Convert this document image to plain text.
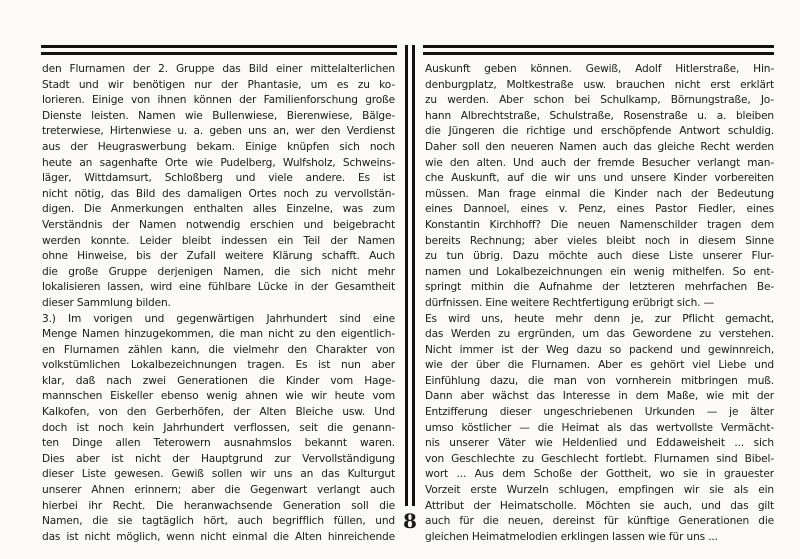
8
den Flurnamen der 2. Gruppe das Bild einer mittelalterlichen
Stadt und wir benötigen nur der Phantasie, um es zu ko-
lorieren. Einige von ihnen können der Familienforschung große
Dienste leisten. Namen wie Bullenwiese, Bierenwiese, Bälge-
treterwiese, Hirtenwiese u. a. geben uns an, wer den Verdienst
aus der Heugraswerbung bekam. Einige knüpfen sich noch
heute an sagenhafte Orte wie Pudelberg, Wulfsholz, Schweins-
läger, Wittdamsurt, Schloßberg und viele andere. Es ist
nicht nötig, das Bild des damaligen Ortes noch zu vervollstän-
digen. Die Anmerkungen enthalten alles Einzelne, was zum
Verständnis der Namen notwendig erschien und beigebracht
werden konnte. Leider bleibt indessen ein Teil der Namen
ohne Hinweise, bis der Zufall weitere Klärung schafft. Auch
die große Gruppe derjenigen Namen, die sich nicht mehr
lokalisieren lassen, wird eine fühlbare Lücke in der Gesamtheit
dieser Sammlung bilden.
3.) Im vorigen und gegenwärtigen Jahrhundert sind eine
Menge Namen hinzugekommen, die man nicht zu den eigentlich-
en Flurnamen zählen kann, die vielmehr den Charakter von
volkstümlichen Lokalbezeichnungen tragen. Es ist nun aber
klar, daß nach zwei Generationen die Kinder vom Hage-
mannschen Eiskeller ebenso wenig ahnen wie wir heute vom
Kalkofen, von den Gerberhöfen, der Alten Bleiche usw. Und
doch ist noch kein Jahrhundert verflossen, seit die genann-
ten Dinge allen Teterowern ausnahmslos bekannt waren.
Dies aber ist nicht der Hauptgrund zur Vervollständigung
dieser Liste gewesen. Gewiß sollen wir uns an das Kulturgut
unserer Ahnen erinnern; aber die Gegenwart verlangt auch
hierbei ihr Recht. Die heranwachsende Generation soll die
Namen, die sie tagtäglich hört, auch begrifflich füllen, und
das ist nicht möglich, wenn nicht einmal die Alten hinreichende
Auskunft geben können. Gewiß, Adolf Hitlerstraße, Hin-
denburgplatz, Moltkestraße usw. brauchen nicht erst erklärt
zu werden. Aber schon bei Schulkamp, Börnungstraße, Jo-
hann Albrechtstraße, Schulstraße, Rosenstraße u. a. bleiben
die Jüngeren die richtige und erschöpfende Antwort schuldig.
Daher soll den neueren Namen auch das gleiche Recht werden
wie den alten. Und auch der fremde Besucher verlangt man-
che Auskunft, auf die wir uns und unsere Kinder vorbereiten
müssen. Man frage einmal die Kinder nach der Bedeutung
eines Dannoel, eines v. Penz, eines Pastor Fiedler, eines
Konstantin Kirchhoff? Die neuen Namenschilder tragen dem
bereits Rechnung; aber vieles bleibt noch in diesem Sinne
zu tun übrig. Dazu möchte auch diese Liste unserer Flur-
namen und Lokalbezeichnungen ein wenig mithelfen. So ent-
springt mithin die Aufnahme der letzteren mehrfachen Be-
dürfnissen. Eine weitere Rechtfertigung erübrigt sich. —
Es wird uns, heute mehr denn je, zur Pflicht gemacht,
das Werden zu ergründen, um das Gewordene zu verstehen.
Nicht immer ist der Weg dazu so packend und gewinnreich,
wie der über die Flurnamen. Aber es gehört viel Liebe und
Einfühlung dazu, die man von vornherein mitbringen muß.
Dann aber wächst das Interesse in dem Maße, wie mit der
Entzifferung dieser ungeschriebenen Urkunden — je älter
umso köstlicher — die Heimat als das wertvollste Vermächt-
nis unserer Väter wie Heldenlied und Eddaweisheit ... sich
von Geschlechte zu Geschlecht fortlebt. Flurnamen sind Bibel-
wort ... Aus dem Schoße der Gottheit, wo sie in grauester
Vorzeit erste Wurzeln schlugen, empfingen wir sie als ein
Attribut der Heimatscholle. Möchten sie auch, und das gilt
auch für die neuen, dereinst für künftige Generationen die
gleichen Heimatmelodien erklingen lassen wie für uns ...
